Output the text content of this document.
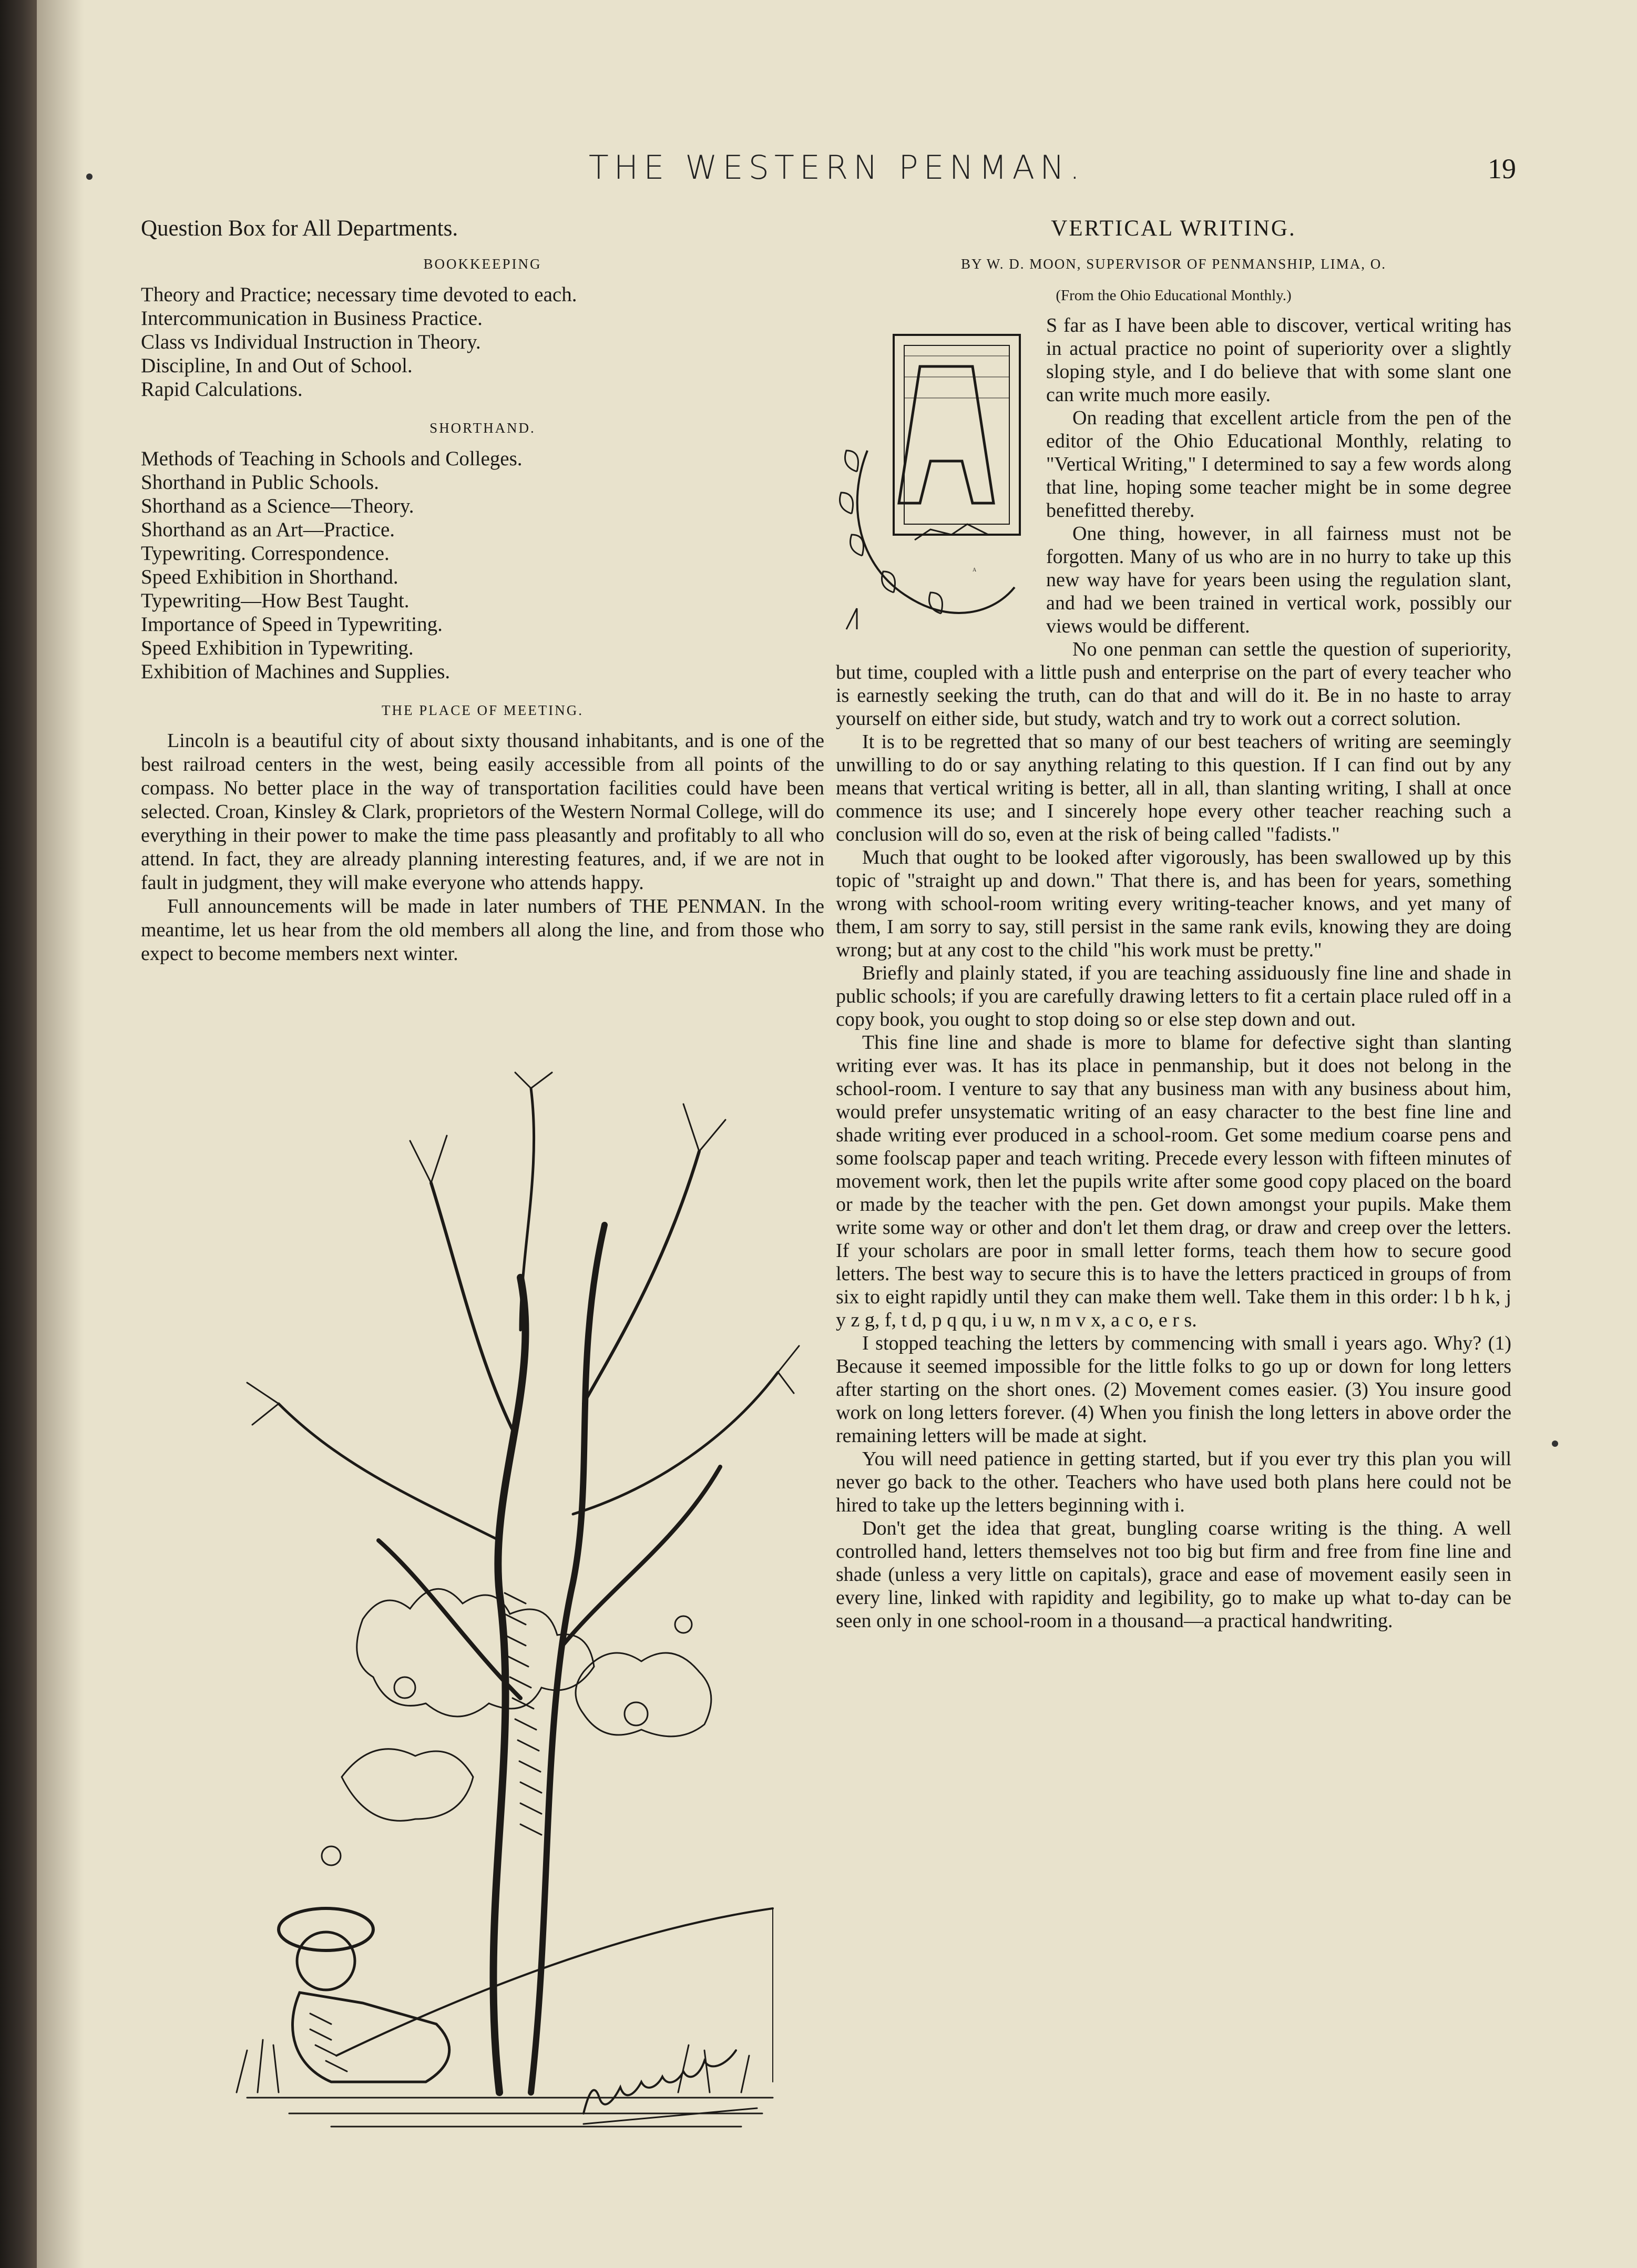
THE WESTERN PENMAN.	19

Question Box for All Departments.

BOOKKEEPING

Theory and Practice; necessary time devoted to each.
Intercommunication in Business Practice.
Class vs Individual Instruction in Theory.
Discipline, In and Out of School.
Rapid Calculations.

SHORTHAND.

Methods of Teaching in Schools and Colleges.
Shorthand in Public Schools.
Shorthand as a Science—Theory.
Shorthand as an Art—Practice.
Typewriting. Correspondence.
Speed Exhibition in Shorthand.
Typewriting—How Best Taught.
Importance of Speed in Typewriting.
Speed Exhibition in Typewriting.
Exhibition of Machines and Supplies.

THE PLACE OF MEETING.

Lincoln is a beautiful city of about sixty thousand inhabitants, and is one of the best railroad centers in the west, being easily accessible from all points of the compass. No better place in the way of transportation facilities could have been selected. Croan, Kinsley & Clark, proprietors of the Western Normal College, will do everything in their power to make the time pass pleasantly and profitably to all who attend. In fact, they are already planning interesting features, and, if we are not in fault in judgment, they will make everyone who attends happy.

Full announcements will be made in later numbers of THE PENMAN. In the meantime, let us hear from the old members all along the line, and from those who expect to become members next winter.

VERTICAL WRITING.

BY W. D. MOON, SUPERVISOR OF PENMANSHIP, LIMA, O.

(From the Ohio Educational Monthly.)

A

S far as I have been able to discover, vertical writing has in actual practice no point of superiority over a slightly sloping style, and I do believe that with some slant one can write much more easily.

On reading that excellent article from the pen of the editor of the Ohio Educational Monthly, relating to "Vertical Writing," I determined to say a few words along that line, hoping some teacher might be in some degree benefitted thereby.

One thing, however, in all fairness must not be forgotten. Many of us who are in no hurry to take up this new way have for years been using the regulation slant, and had we been trained in vertical work, possibly our views would be different.

No one penman can settle the question of superiority, but time, coupled with a little push and enterprise on the part of every teacher who is earnestly seeking the truth, can do that and will do it. Be in no haste to array yourself on either side, but study, watch and try to work out a correct solution.

It is to be regretted that so many of our best teachers of writing are seemingly unwilling to do or say anything relating to this question. If I can find out by any means that vertical writing is better, all in all, than slanting writing, I shall at once commence its use; and I sincerely hope every other teacher reaching such a conclusion will do so, even at the risk of being called "fadists."

Much that ought to be looked after vigorously, has been swallowed up by this topic of "straight up and down." That there is, and has been for years, something wrong with school-room writing every writing-teacher knows, and yet many of them, I am sorry to say, still persist in the same rank evils, knowing they are doing wrong; but at any cost to the child "his work must be pretty."

Briefly and plainly stated, if you are teaching assiduously fine line and shade in public schools; if you are carefully drawing letters to fit a certain place ruled off in a copy book, you ought to stop doing so or else step down and out.

This fine line and shade is more to blame for defective sight than slanting writing ever was. It has its place in penmanship, but it does not belong in the school-room. I venture to say that any business man with any business about him, would prefer unsystematic writing of an easy character to the best fine line and shade writing ever produced in a school-room. Get some medium coarse pens and some foolscap paper and teach writing. Precede every lesson with fifteen minutes of movement work, then let the pupils write after some good copy placed on the board or made by the teacher with the pen. Get down amongst your pupils. Make them write some way or other and don't let them drag, or draw and creep over the letters. If your scholars are poor in small letter forms, teach them how to secure good letters. The best way to secure this is to have the letters practiced in groups of from six to eight rapidly until they can make them well. Take them in this order: l b h k, j y z g, f, t d, p q qu, i u w, n m v x, a c o, e r s.

I stopped teaching the letters by commencing with small i years ago. Why? (1) Because it seemed impossible for the little folks to go up or down for long letters after starting on the short ones. (2) Movement comes easier. (3) You insure good work on long letters forever. (4) When you finish the long letters in above order the remaining letters will be made at sight.

You will need patience in getting started, but if you ever try this plan you will never go back to the other. Teachers who have used both plans here could not be hired to take up the letters beginning with i.

Don't get the idea that great, bungling coarse writing is the thing. A well controlled hand, letters themselves not too big but firm and free from fine line and shade (unless a very little on capitals), grace and ease of movement easily seen in every line, linked with rapidity and legibility, go to make up what to-day can be seen only in one school-room in a thousand—a practical handwriting.
